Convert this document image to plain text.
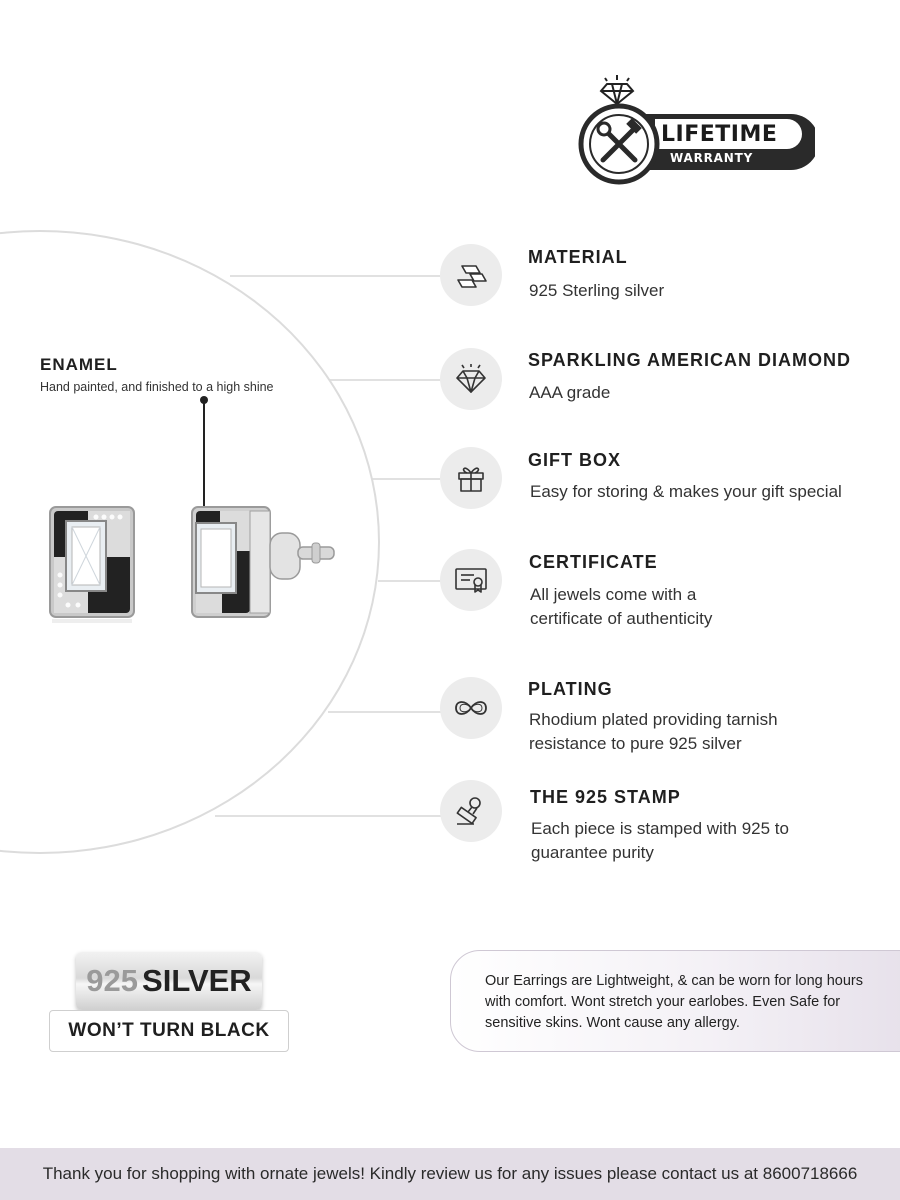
LIFETIME
WARRANTY
ENAMEL
Hand painted, and finished to a high shine
MATERIAL
925 Sterling silver
SPARKLING AMERICAN DIAMOND
AAA grade
GIFT BOX
Easy for storing & makes your gift special
CERTIFICATE
All jewels come with a
certificate of authenticity
PLATING
Rhodium plated providing tarnish
resistance to pure 925 silver
THE 925 STAMP
Each piece is stamped with 925 to
guarantee purity
925 SILVER
WON’T TURN BLACK
Our Earrings are Lightweight, & can be worn for long hours with comfort. Wont stretch your earlobes. Even Safe for sensitive skins. Wont cause any allergy.
Thank you for shopping with ornate jewels! Kindly review us for any issues please contact us at 8600718666
